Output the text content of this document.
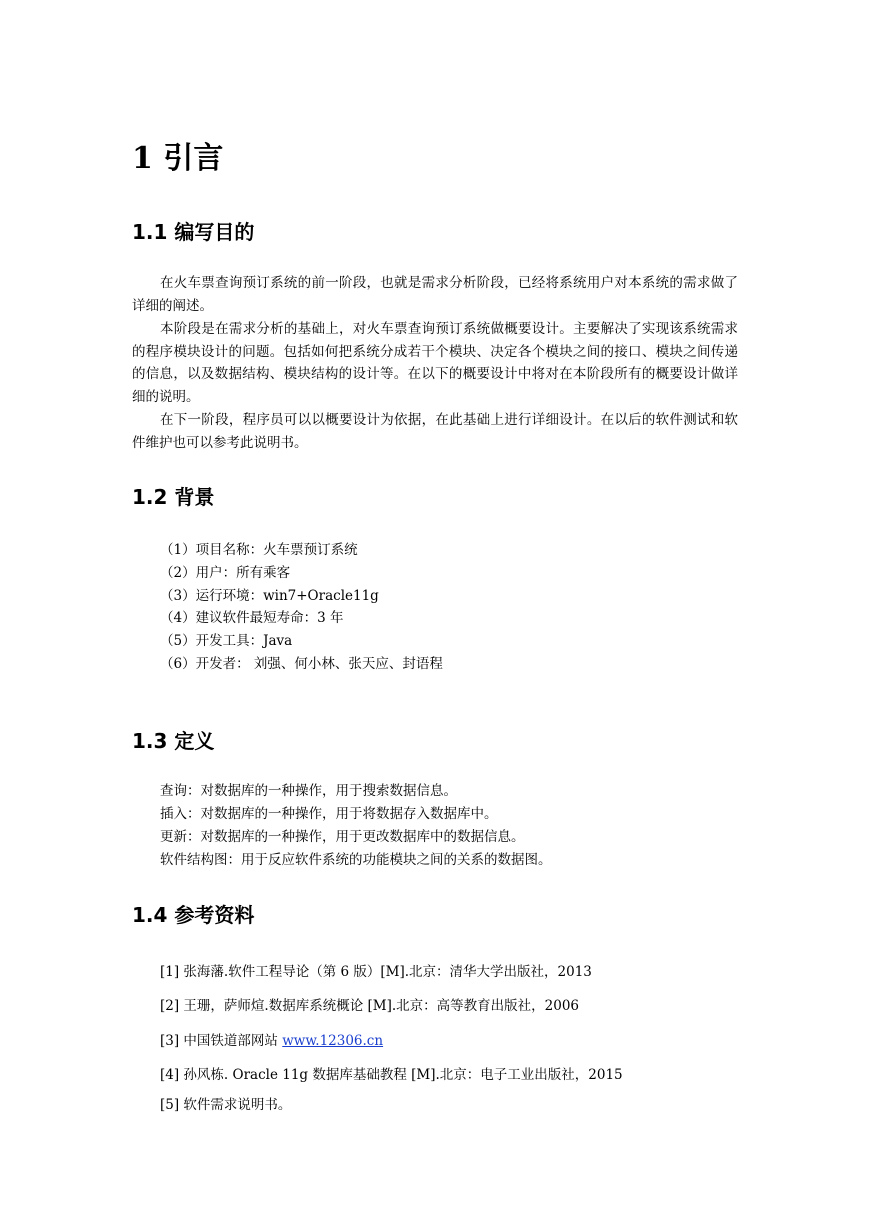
1 引言
1.1 编写目的
在火车票查询预订系统的前一阶段，也就是需求分析阶段，已经将系统用户对本系统的需求做了详细的阐述。
本阶段是在需求分析的基础上，对火车票查询预订系统做概要设计。主要解决了实现该系统需求的程序模块设计的问题。包括如何把系统分成若干个模块、决定各个模块之间的接口、模块之间传递的信息，以及数据结构、模块结构的设计等。在以下的概要设计中将对在本阶段所有的概要设计做详细的说明。
在下一阶段，程序员可以以概要设计为依据，在此基础上进行详细设计。在以后的软件测试和软件维护也可以参考此说明书。
1.2 背景
（1）项目名称：火车票预订系统
（2）用户：所有乘客
（3）运行环境：win7+Oracle11g
（4）建议软件最短寿命：3 年
（5）开发工具：Java
（6）开发者： 刘强、何小林、张天应、封语程
1.3 定义
查询：对数据库的一种操作，用于搜索数据信息。
插入：对数据库的一种操作，用于将数据存入数据库中。
更新：对数据库的一种操作，用于更改数据库中的数据信息。
软件结构图：用于反应软件系统的功能模块之间的关系的数据图。
1.4 参考资料
[1] 张海藩.软件工程导论（第 6 版）[M].北京：清华大学出版社，2013
[2] 王珊，萨师煊.数据库系统概论 [M].北京：高等教育出版社，2006
[3] 中国铁道部网站 www.12306.cn
[4] 孙风栋. Oracle 11g 数据库基础教程 [M].北京：电子工业出版社，2015
[5] 软件需求说明书。
